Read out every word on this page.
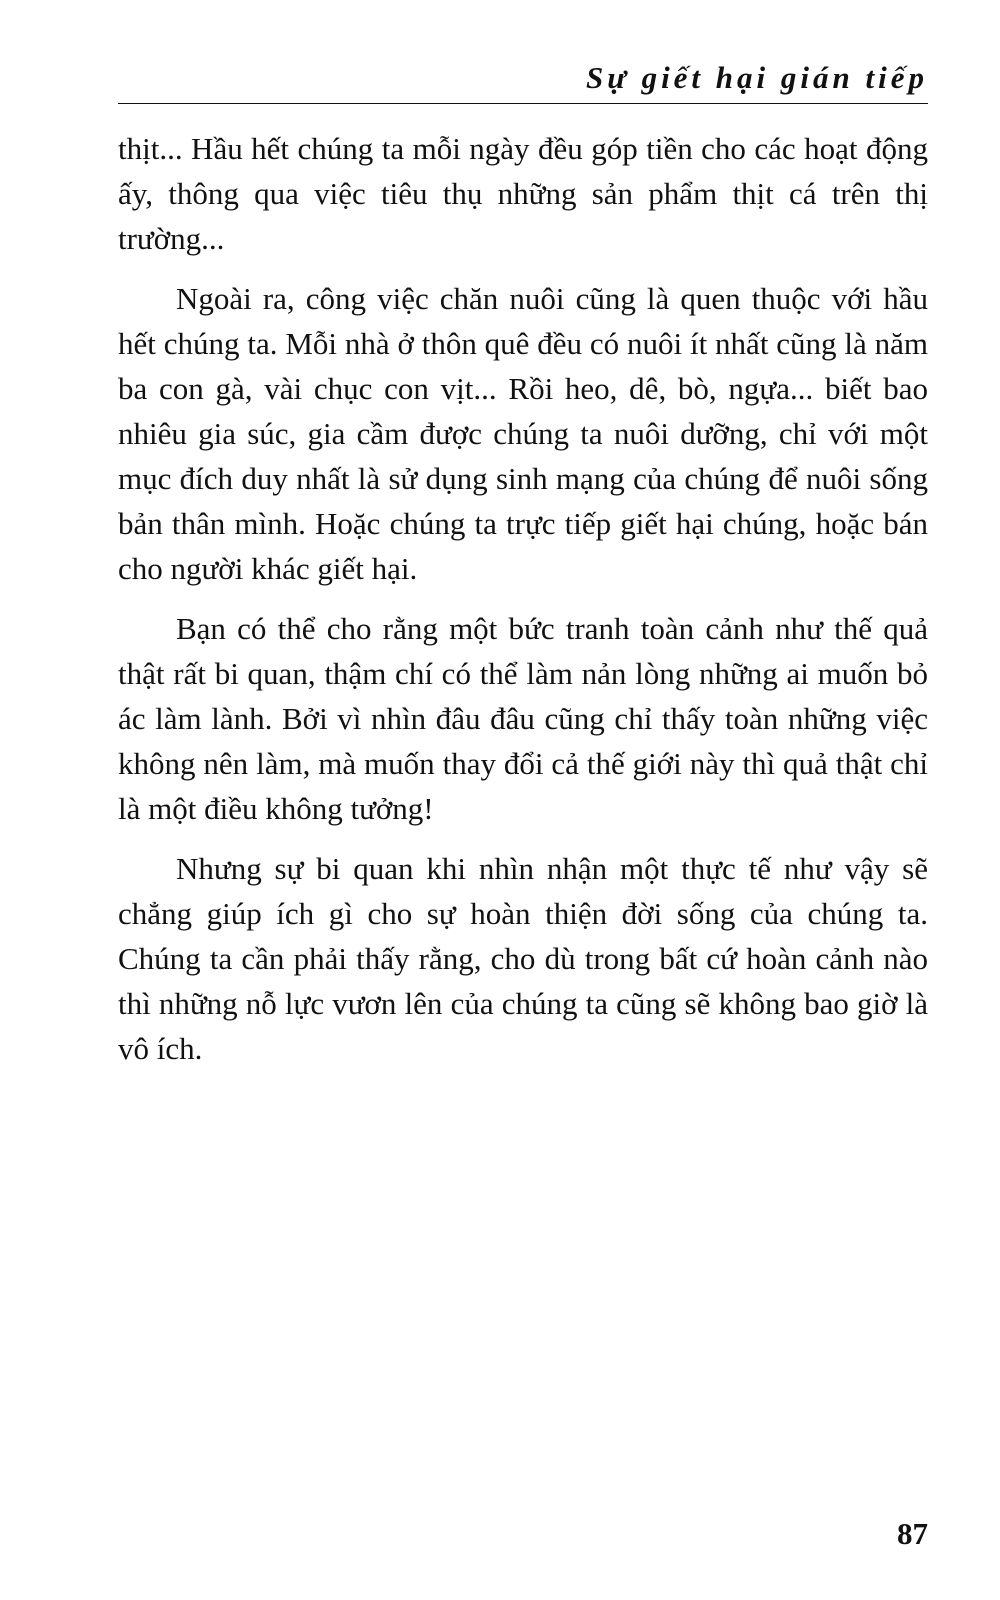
Sự giết hại gián tiếp

thịt... Hầu hết chúng ta mỗi ngày đều góp tiền cho các hoạt động ấy, thông qua việc tiêu thụ những sản phẩm thịt cá trên thị trường...

Ngoài ra, công việc chăn nuôi cũng là quen thuộc với hầu hết chúng ta. Mỗi nhà ở thôn quê đều có nuôi ít nhất cũng là năm ba con gà, vài chục con vịt... Rồi heo, dê, bò, ngựa... biết bao nhiêu gia súc, gia cầm được chúng ta nuôi dưỡng, chỉ với một mục đích duy nhất là sử dụng sinh mạng của chúng để nuôi sống bản thân mình. Hoặc chúng ta trực tiếp giết hại chúng, hoặc bán cho người khác giết hại.

Bạn có thể cho rằng một bức tranh toàn cảnh như thế quả thật rất bi quan, thậm chí có thể làm nản lòng những ai muốn bỏ ác làm lành. Bởi vì nhìn đâu đâu cũng chỉ thấy toàn những việc không nên làm, mà muốn thay đổi cả thế giới này thì quả thật chỉ là một điều không tưởng!

Nhưng sự bi quan khi nhìn nhận một thực tế như vậy sẽ chẳng giúp ích gì cho sự hoàn thiện đời sống của chúng ta. Chúng ta cần phải thấy rằng, cho dù trong bất cứ hoàn cảnh nào thì những nỗ lực vươn lên của chúng ta cũng sẽ không bao giờ là vô ích.

87
